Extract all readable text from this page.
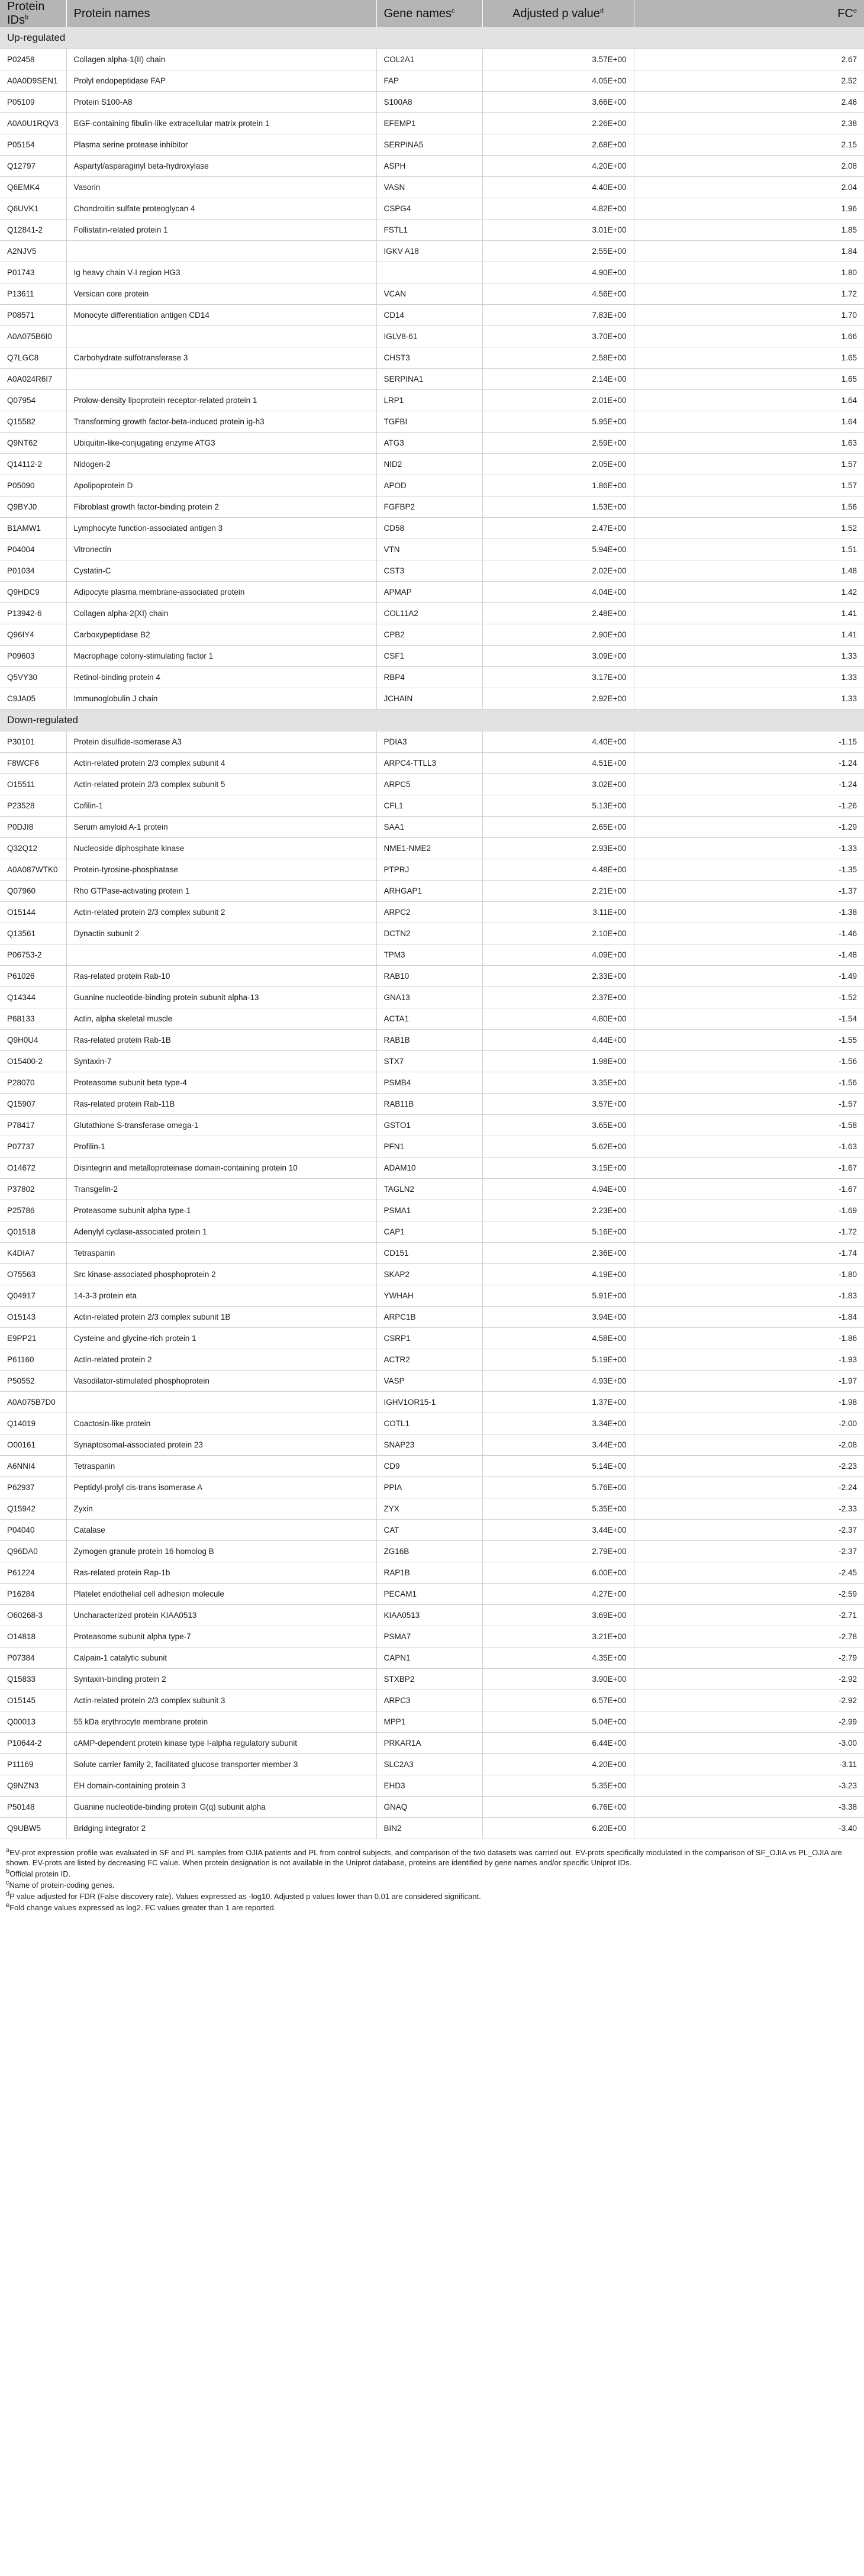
Protein IDs$^b$	Protein names	Gene names$^c$	Adjusted p value$^d$	$FC^e$
Up-regulated				
P02458	Collagen alpha-1(II) chain	COL2A1	3.57E+00	2.67
A0A0D9SEN1	Prolyl endopeptidase FAP	FAP	4.05E+00	2.52
P05109	Protein S100-A8	S100A8	3.66E+00	2.46
A0A0U1RQV3	EGF-containing fibulin-like extracellular matrix protein 1	EFEMP1	2.26E+00	2.38
P05154	Plasma serine protease inhibitor	SERPINA5	2.68E+00	2.15
Q12797	Aspartyl/asparaginyl beta-hydroxylase	ASPH	4.20E+00	2.08
Q6EMK4	Vasorin	VASN	4.40E+00	2.04
Q6UVK1	Chondroitin sulfate proteoglycan 4	CSPG4	4.82E+00	1.96
Q12841-2	Follistatin-related protein 1	FSTL1	3.01E+00	1.85
A2NJV5		IGKV A18	2.55E+00	1.84
P01743	Ig heavy chain V-I region HG3		4.90E+00	1.80
P13611	Versican core protein	VCAN	4.56E+00	1.72
P08571	Monocyte differentiation antigen CD14	CD14	7.83E+00	1.70
A0A075B6I0		IGLV8-61	3.70E+00	1.66
Q7LGC8	Carbohydrate sulfotransferase 3	CHST3	2.58E+00	1.65
A0A024R6I7		SERPINA1	2.14E+00	1.65
Q07954	Prolow-density lipoprotein receptor-related protein 1	LRP1	2.01E+00	1.64
Q15582	Transforming growth factor-beta-induced protein ig-h3	TGFBI	5.95E+00	1.64
Q9NT62	Ubiquitin-like-conjugating enzyme ATG3	ATG3	2.59E+00	1.63
Q14112-2	Nidogen-2	NID2	2.05E+00	1.57
P05090	Apolipoprotein D	APOD	1.86E+00	1.57
Q9BYJ0	Fibroblast growth factor-binding protein 2	FGFBP2	1.53E+00	1.56
B1AMW1	Lymphocyte function-associated antigen 3	CD58	2.47E+00	1.52
P04004	Vitronectin	VTN	5.94E+00	1.51
P01034	Cystatin-C	CST3	2.02E+00	1.48
Q9HDC9	Adipocyte plasma membrane-associated protein	APMAP	4.04E+00	1.42
P13942-6	Collagen alpha-2(XI) chain	COL11A2	2.48E+00	1.41
Q96IY4	Carboxypeptidase B2	CPB2	2.90E+00	1.41
P09603	Macrophage colony-stimulating factor 1	CSF1	3.09E+00	1.33
Q5VY30	Retinol-binding protein 4	RBP4	3.17E+00	1.33
C9JA05	Immunoglobulin J chain	JCHAIN	2.92E+00	1.33
Down-regulated				
P30101	Protein disulfide-isomerase A3	PDIA3	4.40E+00	-1.15
F8WCF6	Actin-related protein 2/3 complex subunit 4	ARPC4-TTLL3	4.51E+00	-1.24
O15511	Actin-related protein 2/3 complex subunit 5	ARPC5	3.02E+00	-1.24
P23528	Cofilin-1	CFL1	5.13E+00	-1.26
P0DJI8	Serum amyloid A-1 protein	SAA1	2.65E+00	-1.29
Q32Q12	Nucleoside diphosphate kinase	NME1-NME2	2.93E+00	-1.33
A0A087WTK0	Protein-tyrosine-phosphatase	PTPRJ	4.48E+00	-1.35
Q07960	Rho GTPase-activating protein 1	ARHGAP1	2.21E+00	-1.37
O15144	Actin-related protein 2/3 complex subunit 2	ARPC2	3.11E+00	-1.38
Q13561	Dynactin subunit 2	DCTN2	2.10E+00	-1.46
P06753-2		TPM3	4.09E+00	-1.48
P61026	Ras-related protein Rab-10	RAB10	2.33E+00	-1.49
Q14344	Guanine nucleotide-binding protein subunit alpha-13	GNA13	2.37E+00	-1.52
P68133	Actin, alpha skeletal muscle	ACTA1	4.80E+00	-1.54
Q9H0U4	Ras-related protein Rab-1B	RAB1B	4.44E+00	-1.55
O15400-2	Syntaxin-7	STX7	1.98E+00	-1.56
P28070	Proteasome subunit beta type-4	PSMB4	3.35E+00	-1.56
Q15907	Ras-related protein Rab-11B	RAB11B	3.57E+00	-1.57
P78417	Glutathione S-transferase omega-1	GSTO1	3.65E+00	-1.58
P07737	Profilin-1	PFN1	5.62E+00	-1.63
O14672	Disintegrin and metalloproteinase domain-containing protein 10	ADAM10	3.15E+00	-1.67
P37802	Transgelin-2	TAGLN2	4.94E+00	-1.67
P25786	Proteasome subunit alpha type-1	PSMA1	2.23E+00	-1.69
Q01518	Adenylyl cyclase-associated protein 1	CAP1	5.16E+00	-1.72
K4DIA7	Tetraspanin	CD151	2.36E+00	-1.74
O75563	Src kinase-associated phosphoprotein 2	SKAP2	4.19E+00	-1.80
Q04917	14-3-3 protein eta	YWHAH	5.91E+00	-1.83
O15143	Actin-related protein 2/3 complex subunit 1B	ARPC1B	3.94E+00	-1.84
E9PP21	Cysteine and glycine-rich protein 1	CSRP1	4.58E+00	-1.86
P61160	Actin-related protein 2	ACTR2	5.19E+00	-1.93
P50552	Vasodilator-stimulated phosphoprotein	VASP	4.93E+00	-1.97
A0A075B7D0		IGHV1OR15-1	1.37E+00	-1.98
Q14019	Coactosin-like protein	COTL1	3.34E+00	-2.00
O00161	Synaptosomal-associated protein 23	SNAP23	3.44E+00	-2.08
A6NNI4	Tetraspanin	CD9	5.14E+00	-2.23
P62937	Peptidyl-prolyl cis-trans isomerase A	PPIA	5.76E+00	-2.24
Q15942	Zyxin	ZYX	5.35E+00	-2.33
P04040	Catalase	CAT	3.44E+00	-2.37
Q96DA0	Zymogen granule protein 16 homolog B	ZG16B	2.79E+00	-2.37
P61224	Ras-related protein Rap-1b	RAP1B	6.00E+00	-2.45
P16284	Platelet endothelial cell adhesion molecule	PECAM1	4.27E+00	-2.59
O60268-3	Uncharacterized protein KIAA0513	KIAA0513	3.69E+00	-2.71
O14818	Proteasome subunit alpha type-7	PSMA7	3.21E+00	-2.78
P07384	Calpain-1 catalytic subunit	CAPN1	4.35E+00	-2.79
Q15833	Syntaxin-binding protein 2	STXBP2	3.90E+00	-2.92
O15145	Actin-related protein 2/3 complex subunit 3	ARPC3	6.57E+00	-2.92
Q00013	55 kDa erythrocyte membrane protein	MPP1	5.04E+00	-2.99
P10644-2	cAMP-dependent protein kinase type I-alpha regulatory subunit	PRKAR1A	6.44E+00	-3.00
P11169	Solute carrier family 2, facilitated glucose transporter member 3	SLC2A3	4.20E+00	-3.11
Q9NZN3	EH domain-containing protein 3	EHD3	5.35E+00	-3.23
P50148	Guanine nucleotide-binding protein G(q) subunit alpha	GNAQ	6.76E+00	-3.38
Q9UBW5	Bridging integrator 2	BIN2	6.20E+00	-3.40

$^a$EV-prot expression profile was evaluated in SF and PL samples from OJIA patients and PL from control subjects, and comparison of the two datasets was carried out. EV-prots specifically modulated in the comparison of SF_OJIA vs PL_OJIA are shown. EV-prots are listed by decreasing FC value. When protein designation is not available in the Uniprot database, proteins are identified by gene names and/or specific Uniprot IDs.

$^b$Official protein ID.

$^c$Name of protein-coding genes.

$^d$P value adjusted for FDR (False discovery rate). Values expressed as -log10. Adjusted p values lower than 0.01 are considered significant.

$^e$Fold change values expressed as log2. FC values greater than 1 are reported.
